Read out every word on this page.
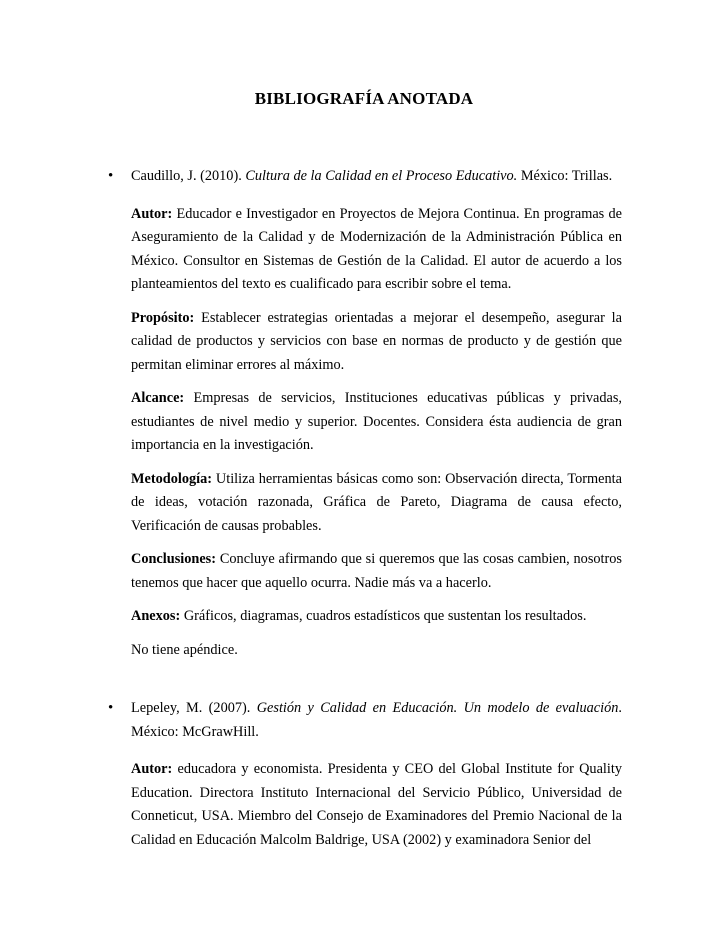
BIBLIOGRAFÍA ANOTADA
• Caudillo, J. (2010). Cultura de la Calidad en el Proceso Educativo. México: Trillas.

Autor: Educador e Investigador en Proyectos de Mejora Continua. En programas de Aseguramiento de la Calidad y de Modernización de la Administración Pública en México. Consultor en Sistemas de Gestión de la Calidad. El autor de acuerdo a los planteamientos del texto es cualificado para escribir sobre el tema.

Propósito: Establecer estrategias orientadas a mejorar el desempeño, asegurar la calidad de productos y servicios con base en normas de producto y de gestión que permitan eliminar errores al máximo.

Alcance: Empresas de servicios, Instituciones educativas públicas y privadas, estudiantes de nivel medio y superior. Docentes. Considera ésta audiencia de gran importancia en la investigación.

Metodología: Utiliza herramientas básicas como son: Observación directa, Tormenta de ideas, votación razonada, Gráfica de Pareto, Diagrama de causa efecto, Verificación de causas probables.

Conclusiones: Concluye afirmando que si queremos que las cosas cambien, nosotros tenemos que hacer que aquello ocurra. Nadie más va a hacerlo.

Anexos: Gráficos, diagramas, cuadros estadísticos que sustentan los resultados.

No tiene apéndice.

• Lepeley, M. (2007). Gestión y Calidad en Educación. Un modelo de evaluación. México: McGrawHill.

Autor: educadora y economista. Presidenta y CEO del Global Institute for Quality Education. Directora Instituto Internacional del Servicio Público, Universidad de Conneticut, USA. Miembro del Consejo de Examinadores del Premio Nacional de la Calidad en Educación Malcolm Baldrige, USA (2002) y examinadora Senior del
